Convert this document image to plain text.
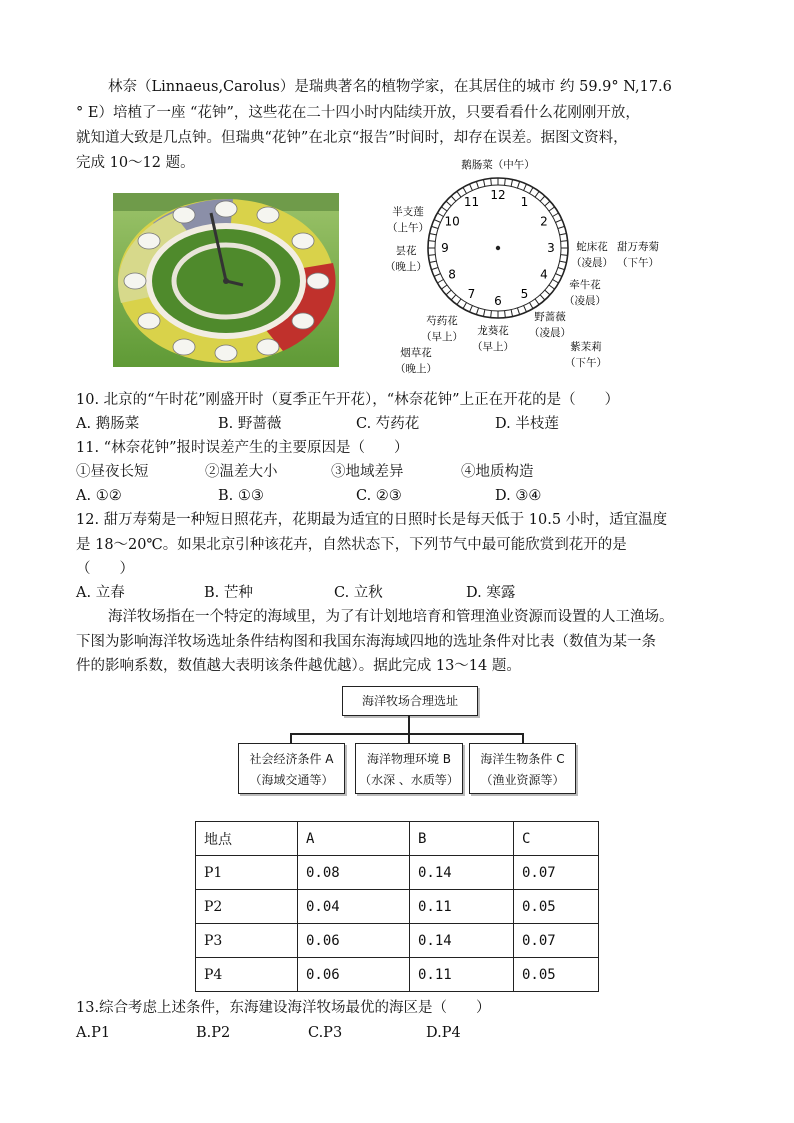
林奈（Linnaeus,Carolus）是瑞典著名的植物学家，在其居住的城市 约 59.9° N,17.6
° E）培植了一座 “花钟”，这些花在二十四小时内陆续开放，只要看看什么花刚刚开放，
就知道大致是几点钟。但瑞典“花钟”在北京“报告”时间时，却存在误差。据图文资料，
完成 10～12 题。
12
1
2
3
4
5
6
7
8
9
10
11
鹅肠菜（中午）
半支莲
（上午）
蛇床花
（凌晨）
甜万寿菊
（下午）
昙花
（晚上）
牵牛花
（凌晨）
野蔷薇
（凌晨）
芍药花
（早上） 龙葵花
（早上）	紫茉莉
（下午）
烟草花
（晚上）
10. 北京的“午时花”刚盛开时（夏季正午开花），“林奈花钟”上正在开花的是（　　）
A. 鹅肠菜	B. 野蔷薇	C. 芍药花	D. 半枝莲
11. “林奈花钟”报时误差产生的主要原因是（　　）
①昼夜长短	②温差大小	③地域差异	④地质构造
A. ①②	B. ①③	C. ②③	D. ③④
12. 甜万寿菊是一种短日照花卉，花期最为适宜的日照时长是每天低于 10.5 小时，适宜温度
是 18～20℃。如果北京引种该花卉，自然状态下，下列节气中最可能欣赏到花开的是
（　　）
A. 立春	B. 芒种	C. 立秋	D. 寒露
海洋牧场指在一个特定的海域里，为了有计划地培育和管理渔业资源而设置的人工渔场。
下图为影响海洋牧场选址条件结构图和我国东海海域四地的选址条件对比表（数值为某一条
件的影响系数，数值越大表明该条件越优越）。据此完成 13～14 题。
海洋牧场合理选址
社会经济条件 A
（海域交通等）
海洋物理环境 B
（水深 、水质等）
海洋生物条件 C
（渔业资源等）
地点	A	B	C
P1	0.08	0.14	0.07
P2	0.04	0.11	0.05
P3	0.06	0.14	0.07
P4	0.06	0.11	0.05
13.综合考虑上述条件，东海建设海洋牧场最优的海区是（　　）
A.P1	B.P2	C.P3	D.P4
